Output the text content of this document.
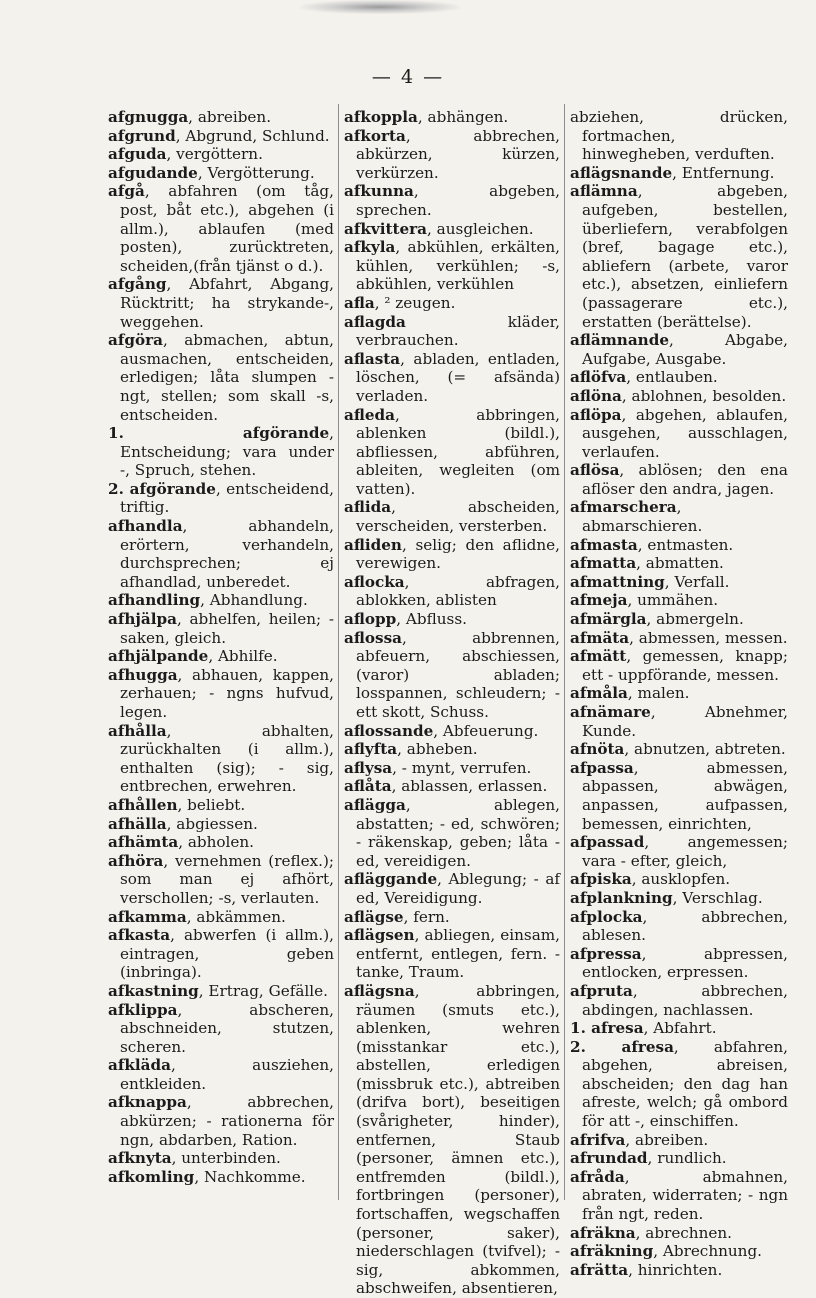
— 4 —

afgnugga, abreiben.

afgrund, Abgrund, Schlund.

afguda, vergöttern.

afgudande, Vergötterung.

afgå, abfahren (om tåg, post, båt etc.), abgehen (i allm.), ablaufen (med posten), zurücktreten, scheiden,(från tjänst o d.).

afgång, Abfahrt, Abgang, Rücktritt; ha strykande-, weggehen.

afgöra, abmachen, abtun, ausmachen, entscheiden, erledigen; låta slumpen - ngt, stellen; som skall -s, entscheiden.

1. afgörande, Entscheidung; vara under -, Spruch, stehen.

2. afgörande, entscheidend, triftig.

afhandla, abhandeln, erörtern, verhandeln, durchsprechen; ej afhandlad, unberedet.

afhandling, Abhandlung.

afhjälpa, abhelfen, heilen; - saken, gleich.

afhjälpande, Abhilfe.

afhugga, abhauen, kappen, zerhauen; - ngns hufvud, legen.

afhålla, abhalten, zurückhalten (i allm.), enthalten (sig); - sig, entbrechen, erwehren.

afhållen, beliebt.

afhälla, abgiessen.

afhämta, abholen.

afhöra, vernehmen (reflex.); som man ej afhört, verschollen; -s, verlauten.

afkamma, abkämmen.

afkasta, abwerfen (i allm.), eintragen, geben (inbringa).

afkastning, Ertrag, Gefälle.

afklippa, abscheren, abschneiden, stutzen, scheren.

afkläda, ausziehen, entkleiden.

afknappa, abbrechen, abkürzen; - rationerna för ngn, abdarben, Ration.

afknyta, unterbinden.

afkomling, Nachkomme.

afkoppla, abhängen.

afkorta, abbrechen, abkürzen, kürzen, verkürzen.

afkunna, abgeben, sprechen.

afkvittera, ausgleichen.

afkyla, abkühlen, erkälten, kühlen, verkühlen; -s, abkühlen, verkühlen

afla, ² zeugen.

aflagda kläder, verbrauchen.

aflasta, abladen, entladen, löschen, (= afsända) verladen.

afleda, abbringen, ablenken (bildl.), abfliessen, abführen, ableiten, wegleiten (om vatten).

aflida, abscheiden, verscheiden, versterben.

afliden, selig; den aflidne, verewigen.

aflocka, abfragen, ablokken, ablisten

aflopp, Abfluss.

aflossa, abbrennen, abfeuern, abschiessen, (varor) abladen; losspannen, schleudern; - ett skott, Schuss.

aflossande, Abfeuerung.

aflyfta, abheben.

aflysa, - mynt, verrufen.

aflåta, ablassen, erlassen.

aflägga, ablegen, abstatten; - ed, schwören; - räkenskap, geben; låta - ed, vereidigen.

afläggande, Ablegung; - af ed, Vereidigung.

aflägse, fern.

aflägsen, abliegen, einsam, entfernt, entlegen, fern. - tanke, Traum.

aflägsna, abbringen, räumen (smuts etc.), ablenken, wehren (misstankar etc.), abstellen, erledigen (missbruk etc.), abtreiben (drifva bort), beseitigen (svårigheter, hinder), entfernen, Staub (personer, ämnen etc.), entfremden (bildl.), fortbringen (personer), fortschaffen, wegschaffen (personer, saker), niederschlagen (tvifvel); - sig, abkommen, abschweifen, absentieren,

abziehen, drücken, fortmachen, hinwegheben, verduften.

aflägsnande, Entfernung.

aflämna, abgeben, aufgeben, bestellen, überliefern, verabfolgen (bref, bagage etc.), abliefern (arbete, varor etc.), absetzen, einliefern (passagerare etc.), erstatten (berättelse).

aflämnande, Abgabe, Aufgabe, Ausgabe.

aflöfva, entlauben.

aflöna, ablohnen, besolden.

aflöpa, abgehen, ablaufen, ausgehen, ausschlagen, verlaufen.

aflösa, ablösen; den ena aflöser den andra, jagen.

afmarschera, abmarschieren.

afmasta, entmasten.

afmatta, abmatten.

afmattning, Verfall.

afmeja, ummähen.

afmärgla, abmergeln.

afmäta, abmessen, messen.

afmätt, gemessen, knapp; ett - uppförande, messen.

afmåla, malen.

afnämare, Abnehmer, Kunde.

afnöta, abnutzen, abtreten.

afpassa, abmessen, abpassen, abwägen, anpassen, aufpassen, bemessen, einrichten,

afpassad, angemessen; vara - efter, gleich,

afpiska, ausklopfen.

afplankning, Verschlag.

afplocka, abbrechen, ablesen.

afpressa, abpressen, entlocken, erpressen.

afpruta, abbrechen, abdingen, nachlassen.

1. afresa, Abfahrt.

2. afresa, abfahren, abgehen, abreisen, abscheiden; den dag han afreste, welch; gå ombord för att -, einschiffen.

afrifva, abreiben.

afrundad, rundlich.

afråda, abmahnen, abraten, widerraten; - ngn från ngt, reden.

afräkna, abrechnen.

afräkning, Abrechnung.

afrätta, hinrichten.
